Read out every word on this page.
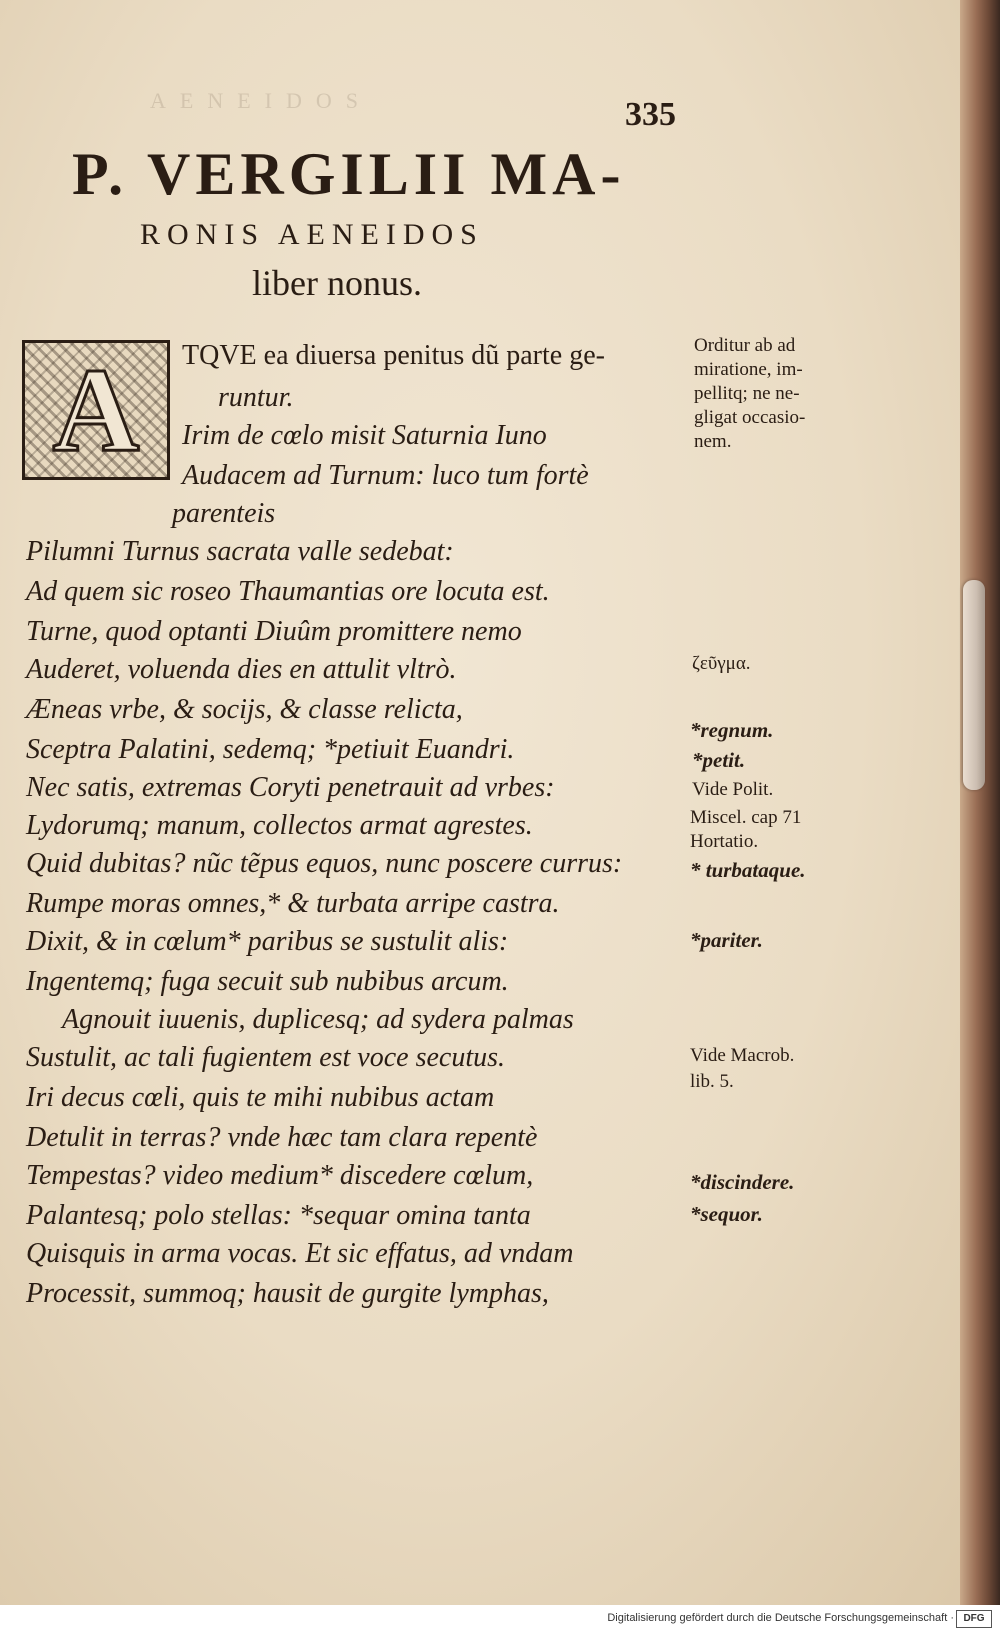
AENEIDOS	335
P. VERGILII MA-
RONIS AENEIDOS
liber nonus.
A	TQVE ea diuersa penitus dũ parte ge-
runtur.
Irim de cœlo misit Saturnia Iuno
Audacem ad Turnum: luco tum fortè
parenteis
Pilumni Turnus sacrata valle sedebat:
Ad quem sic roseo Thaumantias ore locuta est.
Turne, quod optanti Diuûm promittere nemo
Auderet, voluenda dies en attulit vltrò.
Æneas vrbe, & socijs, & classe relicta,
Sceptra Palatini, sedemq; *petiuit Euandri.
Nec satis, extremas Coryti penetrauit ad vrbes:
Lydorumq; manum, collectos armat agrestes.
Quid dubitas? nũc tẽpus equos, nunc poscere currus:
Rumpe moras omnes,* & turbata arripe castra.
Dixit, & in cœlum* paribus se sustulit alis:
Ingentemq; fuga secuit sub nubibus arcum.
Agnouit iuuenis, duplicesq; ad sydera palmas
Sustulit, ac tali fugientem est voce secutus.
Iri decus cœli, quis te mihi nubibus actam
Detulit in terras? vnde hæc tam clara repentè
Tempestas? video medium* discedere cœlum,
Palantesq; polo stellas: *sequar omina tanta
Quisquis in arma vocas. Et sic effatus, ad vndam
Processit, summoq; hausit de gurgite lymphas,
Orditur ab ad
miratione, im-
pellitq; ne ne-
gligat occasio-
nem.
ζεῦγμα.
*regnum.
*petit.
Vide Polit.
Miscel. cap 71
Hortatio.
* turbataque.
*pariter.
Vide Macrob.
lib. 5.
*discindere.
*sequor.
Digitalisierung gefördert durch die Deutsche Forschungsgemeinschaft · DFG
